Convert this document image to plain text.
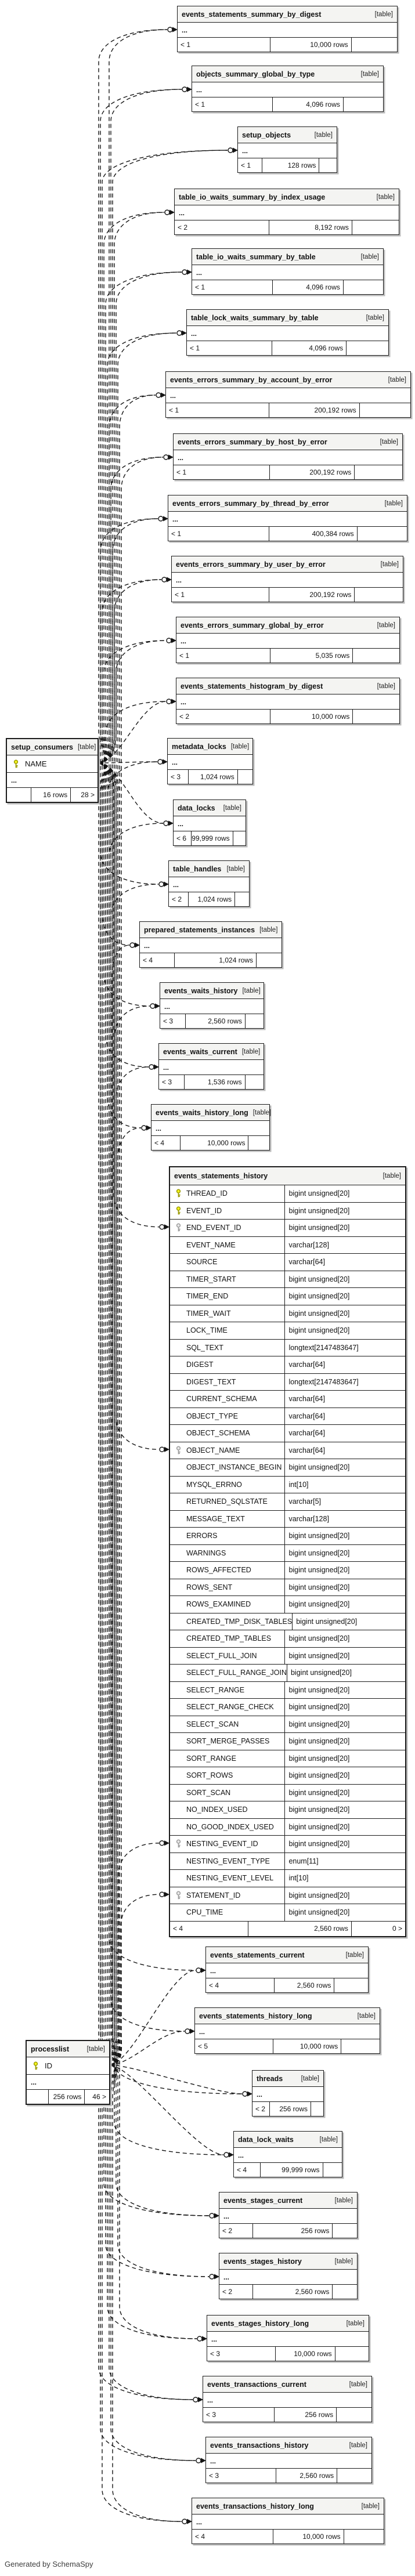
setup_consumers [table]
NAME
...
16 rows	28 >
processlist	[table]
ID
...
256 rows	46 >
events_statements_summary_by_digest	[table]
...
< 1	10,000 rows
objects_summary_global_by_type	[table]
...
< 1	4,096 rows
setup_objects	[table]
...
< 1	128 rows
table_io_waits_summary_by_index_usage	[table]
...
< 2	8,192 rows
table_io_waits_summary_by_table	[table]
...
< 1	4,096 rows
table_lock_waits_summary_by_table	[table]
...
< 1	4,096 rows
events_errors_summary_by_account_by_error	[table]
...
< 1	200,192 rows
events_errors_summary_by_host_by_error	[table]
...
< 1	200,192 rows
events_errors_summary_by_thread_by_error	[table]
...
< 1	400,384 rows
events_errors_summary_by_user_by_error	[table]
...
< 1	200,192 rows
events_errors_summary_global_by_error	[table]
...
< 1	5,035 rows
events_statements_histogram_by_digest	[table]
...
< 2	10,000 rows
metadata_locks [table]
...
< 3	1,024 rows
data_locks [table]
...
< 6 99,999 rows
table_handles [table]
...
< 2	1,024 rows
prepared_statements_instances [table]
...
< 4	1,024 rows
events_waits_history [table]
...
< 3	2,560 rows
events_waits_current [table]
...
< 3	1,536 rows
events_waits_history_long [table]
...
< 4	10,000 rows
events_statements_current	[table]
...
< 4	2,560 rows
events_statements_history_long	[table]
...
< 5	10,000 rows
threads	[table]
...
< 2	256 rows
data_lock_waits	[table]
...
< 4	99,999 rows
events_stages_current	[table]
...
< 2	256 rows
events_stages_history	[table]
...
< 2	2,560 rows
events_stages_history_long	[table]
...
< 3	10,000 rows
events_transactions_current	[table]
...
< 3	256 rows
events_transactions_history	[table]
...
< 3	2,560 rows
events_transactions_history_long	[table]
...
< 4	10,000 rows
events_statements_history	[table]
THREAD_ID	bigint unsigned[20]
EVENT_ID	bigint unsigned[20]
END_EVENT_ID	bigint unsigned[20]
EVENT_NAME	varchar[128]
SOURCE	varchar[64]
TIMER_START	bigint unsigned[20]
TIMER_END	bigint unsigned[20]
TIMER_WAIT	bigint unsigned[20]
LOCK_TIME	bigint unsigned[20]
SQL_TEXT	longtext[2147483647]
DIGEST	varchar[64]
DIGEST_TEXT	longtext[2147483647]
CURRENT_SCHEMA	varchar[64]
OBJECT_TYPE	varchar[64]
OBJECT_SCHEMA	varchar[64]
OBJECT_NAME	varchar[64]
OBJECT_INSTANCE_BEGIN bigint unsigned[20]
MYSQL_ERRNO	int[10]
RETURNED_SQLSTATE	varchar[5]
MESSAGE_TEXT	varchar[128]
ERRORS	bigint unsigned[20]
WARNINGS	bigint unsigned[20]
ROWS_AFFECTED	bigint unsigned[20]
ROWS_SENT	bigint unsigned[20]
ROWS_EXAMINED	bigint unsigned[20]
CREATED_TMP_DISK_TABLES bigint unsigned[20]
CREATED_TMP_TABLES	bigint unsigned[20]
SELECT_FULL_JOIN	bigint unsigned[20]
SELECT_FULL_RANGE_JOIN bigint unsigned[20]
SELECT_RANGE	bigint unsigned[20]
SELECT_RANGE_CHECK	bigint unsigned[20]
SELECT_SCAN	bigint unsigned[20]
SORT_MERGE_PASSES	bigint unsigned[20]
SORT_RANGE	bigint unsigned[20]
SORT_ROWS	bigint unsigned[20]
SORT_SCAN	bigint unsigned[20]
NO_INDEX_USED	bigint unsigned[20]
NO_GOOD_INDEX_USED	bigint unsigned[20]
NESTING_EVENT_ID	bigint unsigned[20]
NESTING_EVENT_TYPE	enum[11]
NESTING_EVENT_LEVEL	int[10]
STATEMENT_ID	bigint unsigned[20]
CPU_TIME	bigint unsigned[20]
< 4	2,560 rows	0 >
Generated by SchemaSpy
